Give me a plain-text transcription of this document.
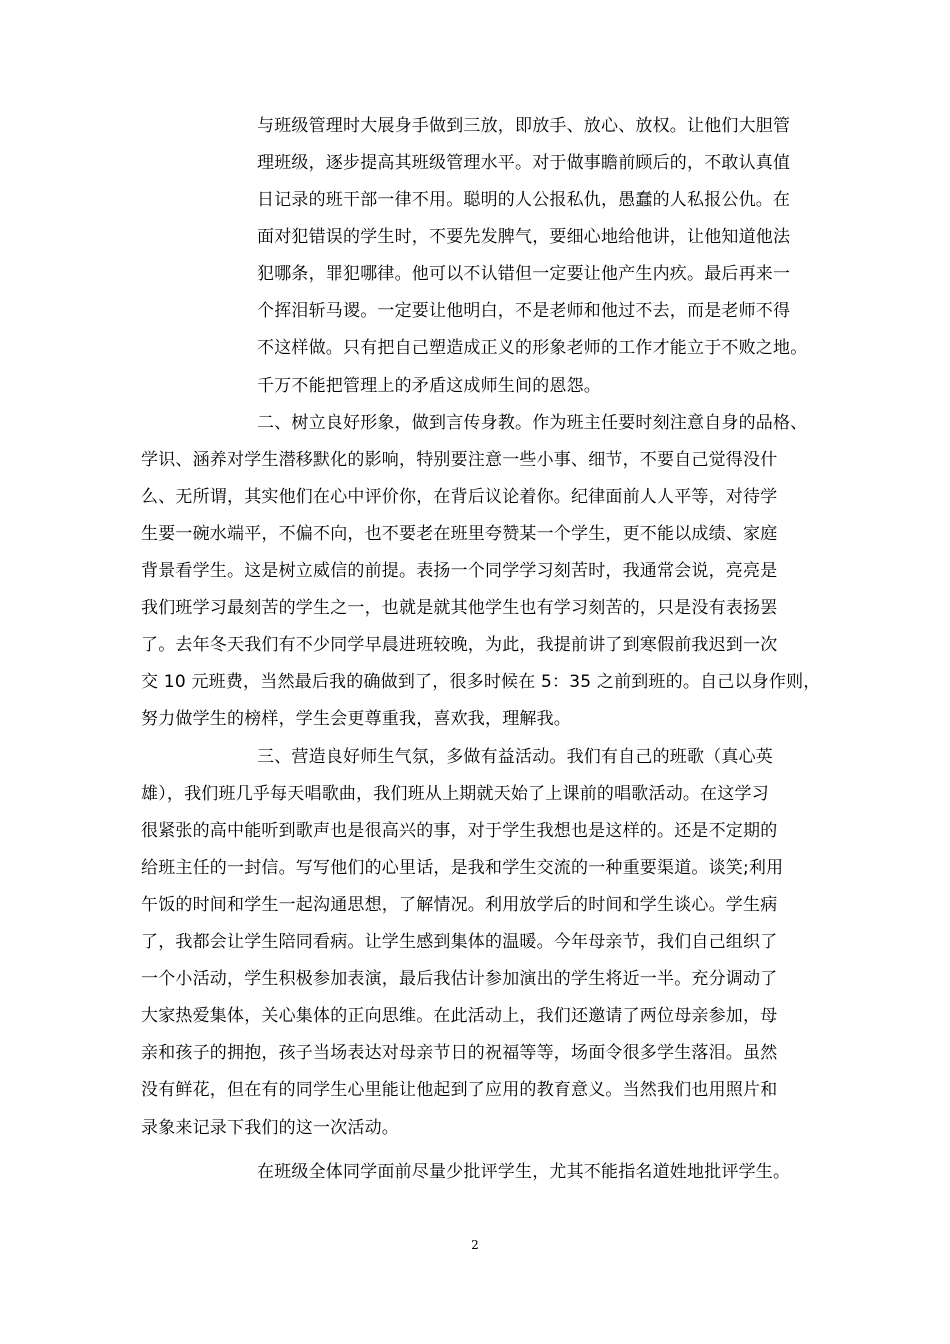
与班级管理时大展身手做到三放，即放手、放心、放权。让他们大胆管
理班级，逐步提高其班级管理水平。对于做事瞻前顾后的，不敢认真值
日记录的班干部一律不用。聪明的人公报私仇，愚蠢的人私报公仇。在
面对犯错误的学生时，不要先发脾气，要细心地给他讲，让他知道他法
犯哪条，罪犯哪律。他可以不认错但一定要让他产生内疚。最后再来一
个挥泪斩马谡。一定要让他明白，不是老师和他过不去，而是老师不得
不这样做。只有把自己塑造成正义的形象老师的工作才能立于不败之地。
千万不能把管理上的矛盾这成师生间的恩怨。
二、树立良好形象，做到言传身教。作为班主任要时刻注意自身的品格、
学识、涵养对学生潜移默化的影响，特别要注意一些小事、细节，不要自己觉得没什
么、无所谓，其实他们在心中评价你，在背后议论着你。纪律面前人人平等，对待学
生要一碗水端平，不偏不向，也不要老在班里夸赞某一个学生，更不能以成绩、家庭
背景看学生。这是树立威信的前提。表扬一个同学学习刻苦时，我通常会说，亮亮是
我们班学习最刻苦的学生之一，也就是就其他学生也有学习刻苦的，只是没有表扬罢
了。去年冬天我们有不少同学早晨进班较晚，为此，我提前讲了到寒假前我迟到一次
交 10 元班费，当然最后我的确做到了，很多时候在 5：35 之前到班的。自己以身作则，
努力做学生的榜样，学生会更尊重我，喜欢我，理解我。
三、营造良好师生气氛，多做有益活动。我们有自己的班歌（真心英
雄），我们班几乎每天唱歌曲，我们班从上期就天始了上课前的唱歌活动。在这学习
很紧张的高中能听到歌声也是很高兴的事，对于学生我想也是这样的。还是不定期的
给班主任的一封信。写写他们的心里话，是我和学生交流的一种重要渠道。谈笑;利用
午饭的时间和学生一起沟通思想，了解情况。利用放学后的时间和学生谈心。学生病
了，我都会让学生陪同看病。让学生感到集体的温暖。今年母亲节，我们自己组织了
一个小活动，学生积极参加表演，最后我估计参加演出的学生将近一半。充分调动了
大家热爱集体，关心集体的正向思维。在此活动上，我们还邀请了两位母亲参加，母
亲和孩子的拥抱，孩子当场表达对母亲节日的祝福等等，场面令很多学生落泪。虽然
没有鲜花，但在有的同学生心里能让他起到了应用的教育意义。当然我们也用照片和
录象来记录下我们的这一次活动。
在班级全体同学面前尽量少批评学生，尤其不能指名道姓地批评学生。
2
